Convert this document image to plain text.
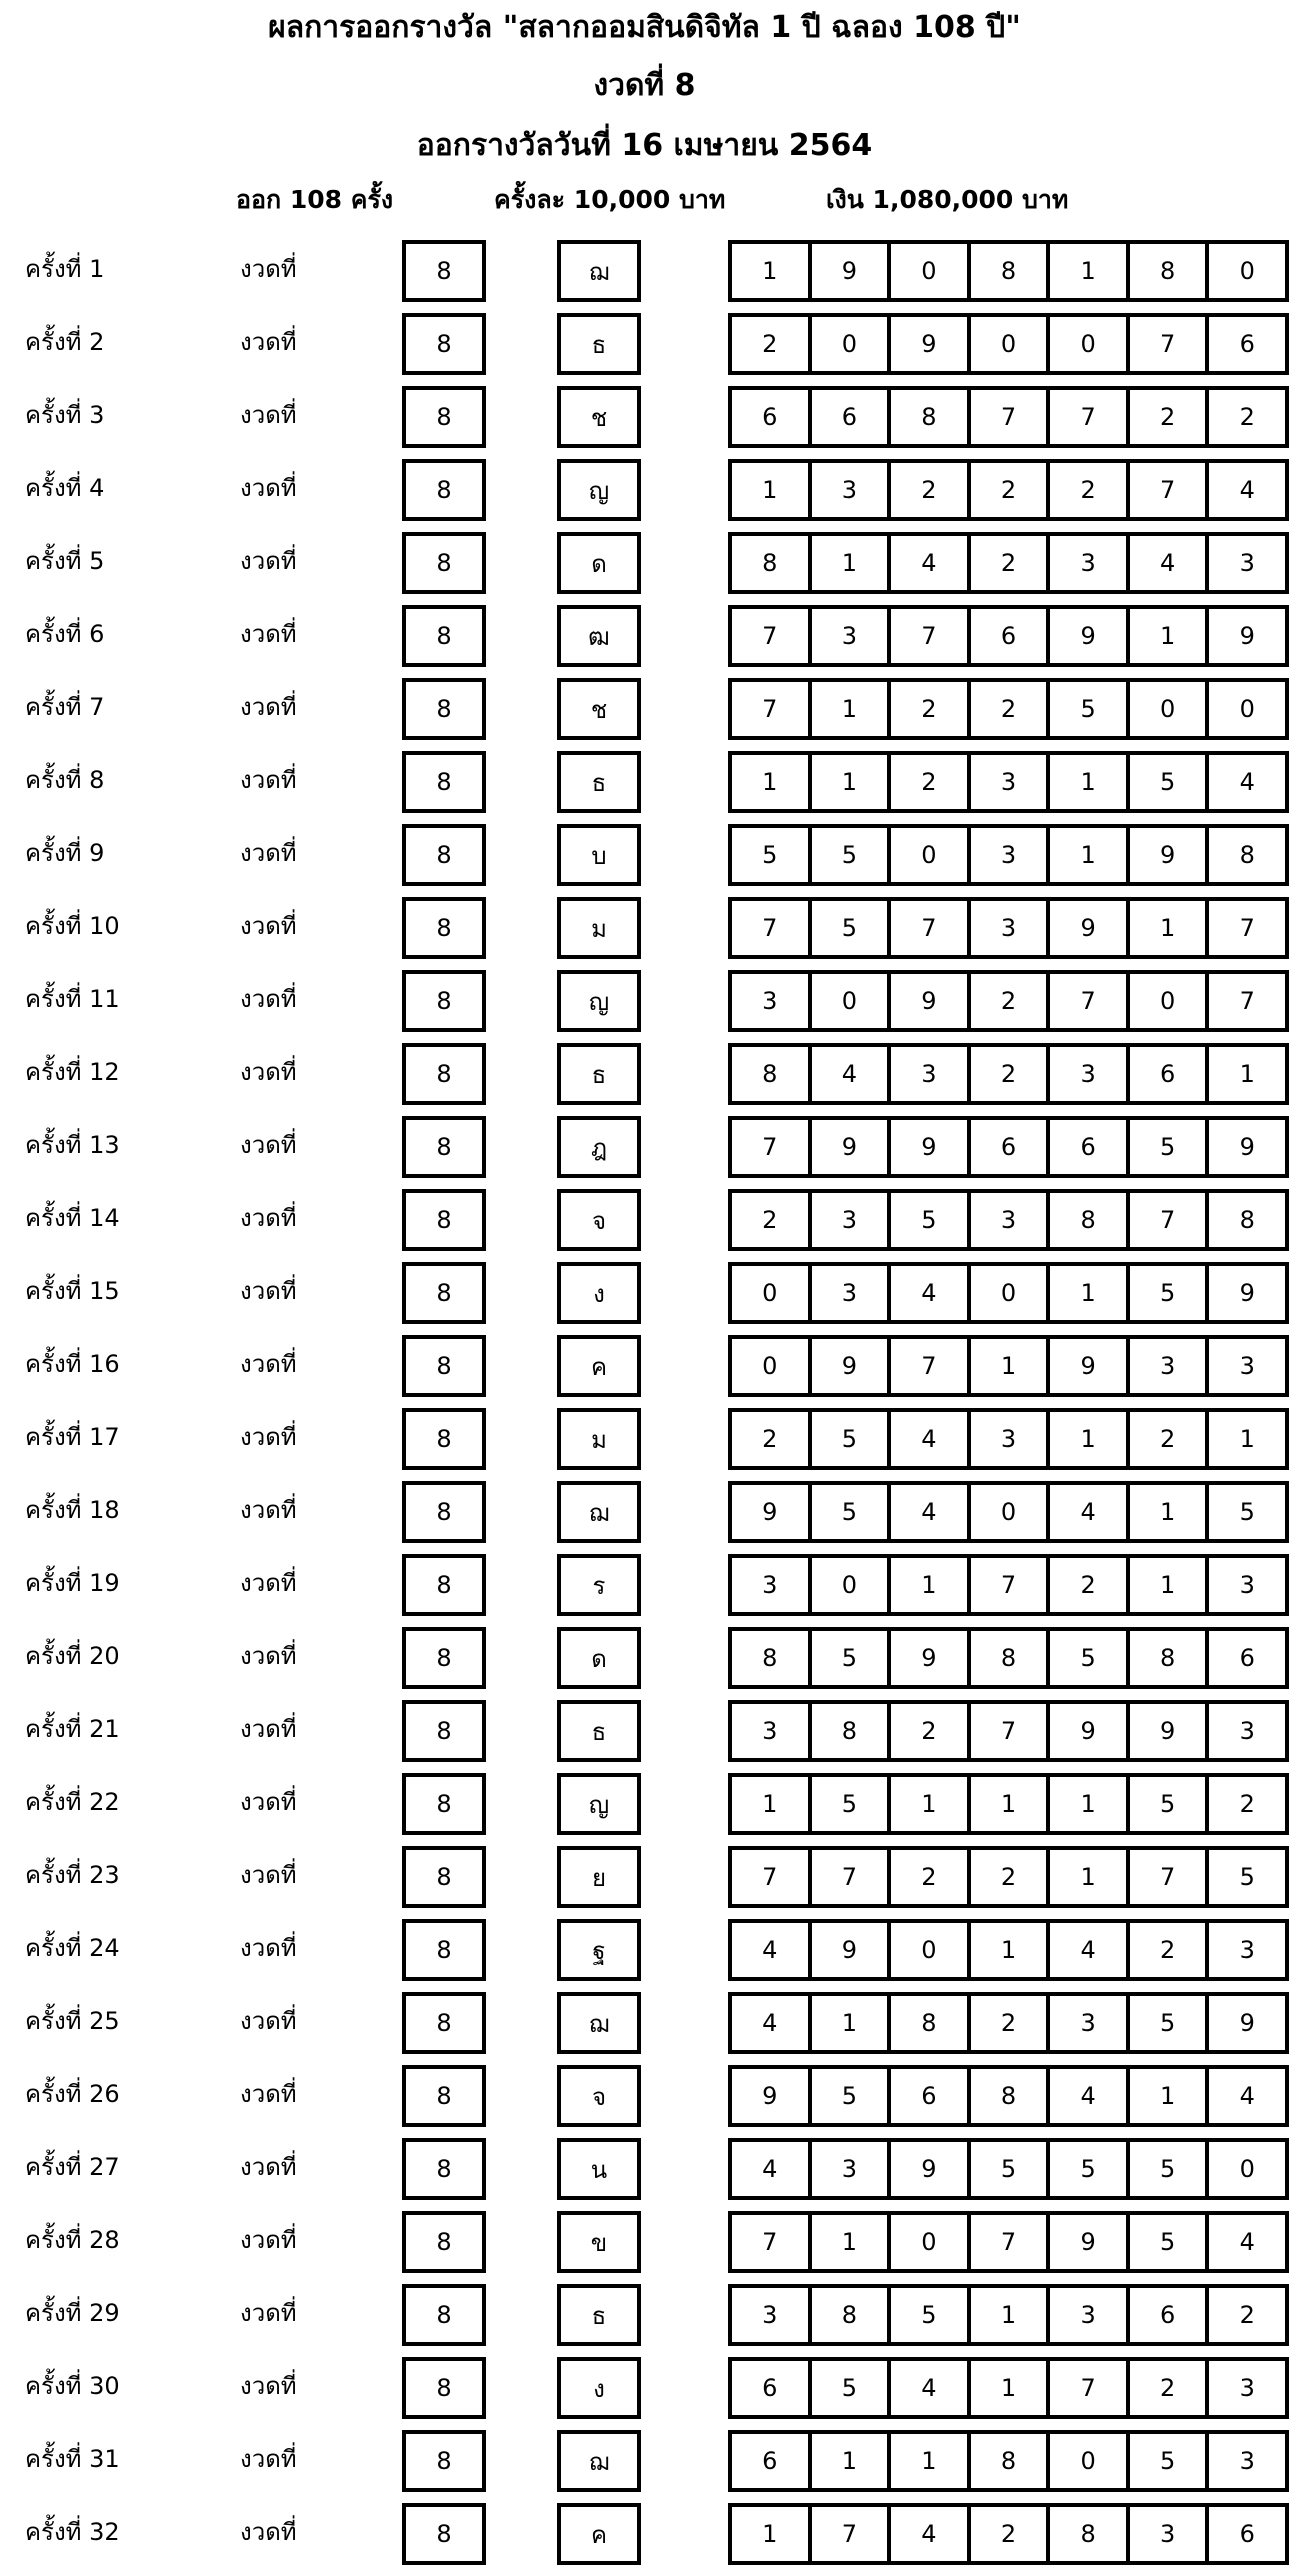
ผลการออกรางวัล "สลากออมสินดิจิทัล 1 ปี ฉลอง 108 ปี"
งวดที่ 8
ออกรางวัลวันที่ 16 เมษายน 2564
ออก 108 ครั้ง	ครั้งละ 10,000 บาท	เงิน 1,080,000 บาท
ครั้งที่ 1	งวดที่	8	ฌ	1	9	0	8	1	8	0
ครั้งที่ 2	งวดที่	8	ธ	2	0	9	0	0	7	6
ครั้งที่ 3	งวดที่	8	ช	6	6	8	7	7	2	2
ครั้งที่ 4	งวดที่	8	ญ	1	3	2	2	2	7	4
ครั้งที่ 5	งวดที่	8	ด	8	1	4	2	3	4	3
ครั้งที่ 6	งวดที่	8	ฒ	7	3	7	6	9	1	9
ครั้งที่ 7	งวดที่	8	ช	7	1	2	2	5	0	0
ครั้งที่ 8	งวดที่	8	ธ	1	1	2	3	1	5	4
ครั้งที่ 9	งวดที่	8	บ	5	5	0	3	1	9	8
ครั้งที่ 10	งวดที่	8	ม	7	5	7	3	9	1	7
ครั้งที่ 11	งวดที่	8	ญ	3	0	9	2	7	0	7
ครั้งที่ 12	งวดที่	8	ธ	8	4	3	2	3	6	1
ครั้งที่ 13	งวดที่	8	ฎ	7	9	9	6	6	5	9
ครั้งที่ 14	งวดที่	8	จ	2	3	5	3	8	7	8
ครั้งที่ 15	งวดที่	8	ง	0	3	4	0	1	5	9
ครั้งที่ 16	งวดที่	8	ค	0	9	7	1	9	3	3
ครั้งที่ 17	งวดที่	8	ม	2	5	4	3	1	2	1
ครั้งที่ 18	งวดที่	8	ฌ	9	5	4	0	4	1	5
ครั้งที่ 19	งวดที่	8	ร	3	0	1	7	2	1	3
ครั้งที่ 20	งวดที่	8	ด	8	5	9	8	5	8	6
ครั้งที่ 21	งวดที่	8	ธ	3	8	2	7	9	9	3
ครั้งที่ 22	งวดที่	8	ญ	1	5	1	1	1	5	2
ครั้งที่ 23	งวดที่	8	ย	7	7	2	2	1	7	5
ครั้งที่ 24	งวดที่	8	ฐ	4	9	0	1	4	2	3
ครั้งที่ 25	งวดที่	8	ฌ	4	1	8	2	3	5	9
ครั้งที่ 26	งวดที่	8	จ	9	5	6	8	4	1	4
ครั้งที่ 27	งวดที่	8	น	4	3	9	5	5	5	0
ครั้งที่ 28	งวดที่	8	ข	7	1	0	7	9	5	4
ครั้งที่ 29	งวดที่	8	ธ	3	8	5	1	3	6	2
ครั้งที่ 30	งวดที่	8	ง	6	5	4	1	7	2	3
ครั้งที่ 31	งวดที่	8	ฌ	6	1	1	8	0	5	3
ครั้งที่ 32	งวดที่	8	ค	1	7	4	2	8	3	6
